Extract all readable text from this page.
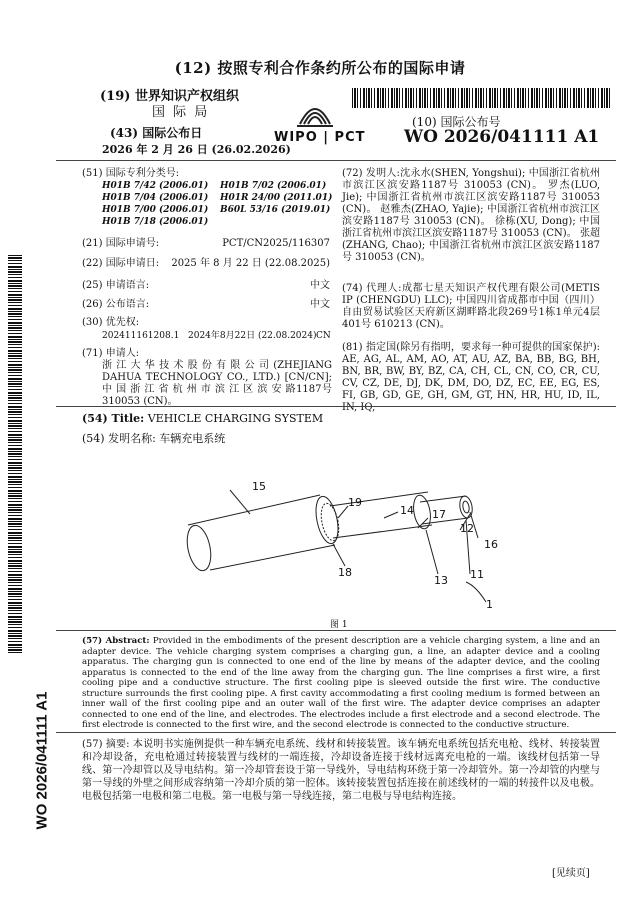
(12) 按照专利合作条约所公布的国际申请
(19) 世界知识产权组织
国 际 局
(43) 国际公布日
2026 年 2 月 26 日 (26.02.2026)
WIPO | PCT
(10) 国际公布号
WO 2026/041111 A1
(51) 国际专利分类号:
H01B 7/42 (2006.01)	H01B 7/02 (2006.01)
H01B 7/04 (2006.01)	H01R 24/00 (2011.01)
H01B 7/00 (2006.01)	B60L 53/16 (2019.01)
H01B 7/18 (2006.01)	
(21) 国际申请号:	PCT/CN2025/116307
(22) 国际申请日: 2025 年 8 月 22 日 (22.08.2025)
(25) 申请语言:	中文
(26) 公布语言:	中文
(30) 优先权:
202411161208.1 2024年8月22日 (22.08.2024) CN
(71) 申请人:
浙 江 大 华 技 术 股 份 有 限 公 司 (ZHEJIANG DAHUA TECHNOLOGY CO., LTD.) [CN/CN]; 中 国 浙 江 省 杭 州 市 滨 江 区 滨 安 路1187号 310053 (CN)。
(72) 发明人:沈永水(SHEN, Yongshui); 中国浙江省杭州市滨江区滨安路1187号 310053 (CN)。 罗杰(LUO, Jie); 中国浙江省杭州市滨江区滨安路1187号 310053 (CN)。 赵雅杰(ZHAO, Yajie); 中国浙江省杭州市滨江区滨安路1187号 310053 (CN)。 徐栋(XU, Dong); 中国浙江省杭州市滨江区滨安路1187号 310053 (CN)。 张超(ZHANG, Chao); 中国浙江省杭州市滨江区滨安路1187号 310053 (CN)。
(74) 代理人:成都七星天知识产权代理有限公司(METIS IP (CHENGDU) LLC); 中国四川省成都市中国（四川）自由贸易试验区天府新区湖畔路北段269号1栋1单元4层401号 610213 (CN)。
(81) 指定国(除另有指明，要求每一种可提供的国家保护): AE, AG, AL, AM, AO, AT, AU, AZ, BA, BB, BG, BH, BN, BR, BW, BY, BZ, CA, CH, CL, CN, CO, CR, CU, CV, CZ, DE, DJ, DK, DM, DO, DZ, EC, EE, EG, ES, FI, GB, GD, GE, GH, GM, GT, HN, HR, HU, ID, IL, IN, IQ,
(54) Title: VEHICLE CHARGING SYSTEM
(54) 发明名称: 车辆充电系统
15
19
14 17
12
16
18
13 11
1
图 1
(57) Abstract: Provided in the embodiments of the present description are a vehicle charging system, a line and an adapter device. The vehicle charging system comprises a charging gun, a line, an adapter device and a cooling apparatus. The charging gun is connected to one end of the line by means of the adapter device, and the cooling apparatus is connected to the end of the line away from the charging gun. The line comprises a first wire, a first cooling pipe and a conductive structure. The first cooling pipe is sleeved outside the first wire. The conductive structure surrounds the first cooling pipe. A first cavity accommodating a first cooling medium is formed between an inner wall of the first cooling pipe and an outer wall of the first wire. The adapter device comprises an adapter connected to one end of the line, and electrodes. The electrodes include a first electrode and a second electrode. The first electrode is connected to the first wire, and the second electrode is connected to the conductive structure.
(57) 摘要: 本说明书实施例提供一种车辆充电系统、线材和转接装置。该车辆充电系统包括充电枪、线材、转接装置和冷却设备，充电枪通过转接装置与线材的一端连接，冷却设备连接于线材远离充电枪的一端。该线材包括第一导线、第一冷却管以及导电结构。第一冷却管套设于第一导线外，导电结构环绕于第一冷却管外。第一冷却管的内壁与第一导线的外壁之间形成容纳第一冷却介质的第一腔体。该转接装置包括连接在前述线材的一端的转接件以及电极。电极包括第一电极和第二电极。第一电极与第一导线连接，第二电极与导电结构连接。
WO 2026/041111 A1
[见续页]
